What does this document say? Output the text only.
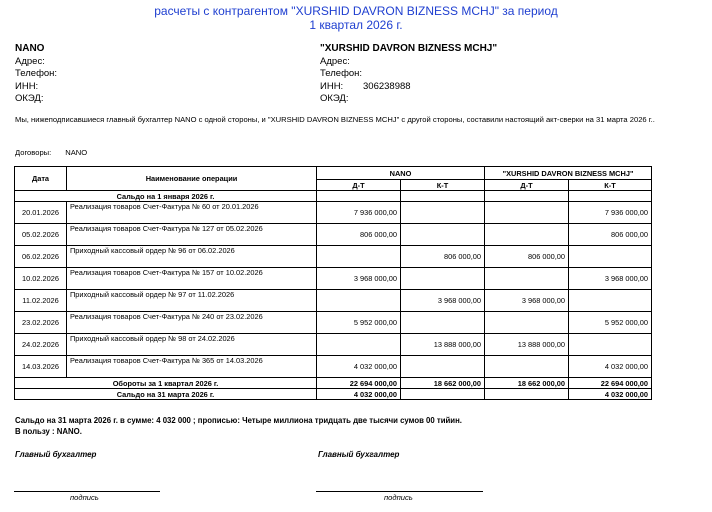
расчеты с контрагентом "XURSHID DAVRON BIZNESS MCHJ" за период
1 квартал 2026 г.
NANO
Адрес:
Телефон:
ИНН:
ОКЭД:
"XURSHID DAVRON BIZNESS MCHJ"
Адрес:
Телефон:
ИНН: 306238988
ОКЭД:
Мы, нижеподписавшиеся главный бухгалтер NANO с одной стороны, и "XURSHID DAVRON BIZNESS MCHJ" с другой стороны, составили настоящий акт-сверки на 31 марта 2026 г..
Договоры: NANO
Дата	Наименование операции	NANO		"XURSHID DAVRON BIZNESS MCHJ"	
		Д-Т	К-Т	Д-Т	К-Т
Сальдо на 1 января 2026 г.					
20.01.2026	Реализация товаров Счет-Фактура № 60 от 20.01.2026	7 936 000,00			7 936 000,00
05.02.2026	Реализация товаров Счет-Фактура № 127 от 05.02.2026	806 000,00			806 000,00
06.02.2026	Приходный кассовый ордер № 96 от 06.02.2026		806 000,00	806 000,00	
10.02.2026	Реализация товаров Счет-Фактура № 157 от 10.02.2026	3 968 000,00			3 968 000,00
11.02.2026	Приходный кассовый ордер № 97 от 11.02.2026		3 968 000,00	3 968 000,00	
23.02.2026	Реализация товаров Счет-Фактура № 240 от 23.02.2026	5 952 000,00			5 952 000,00
24.02.2026	Приходный кассовый ордер № 98 от 24.02.2026		13 888 000,00	13 888 000,00	
14.03.2026	Реализация товаров Счет-Фактура № 365 от 14.03.2026	4 032 000,00			4 032 000,00
Обороты за 1 квартал 2026 г.		22 694 000,00	18 662 000,00	18 662 000,00	22 694 000,00
Сальдо на 31 марта 2026 г.		4 032 000,00			4 032 000,00
Сальдо на 31 марта 2026 г. в сумме: 4 032 000 ; прописью: Четыре миллиона тридцать две тысячи сумов 00 тийин.
В пользу : NANO.
Главный бухгалтер	Главный бухгалтер
подпись	подпись
